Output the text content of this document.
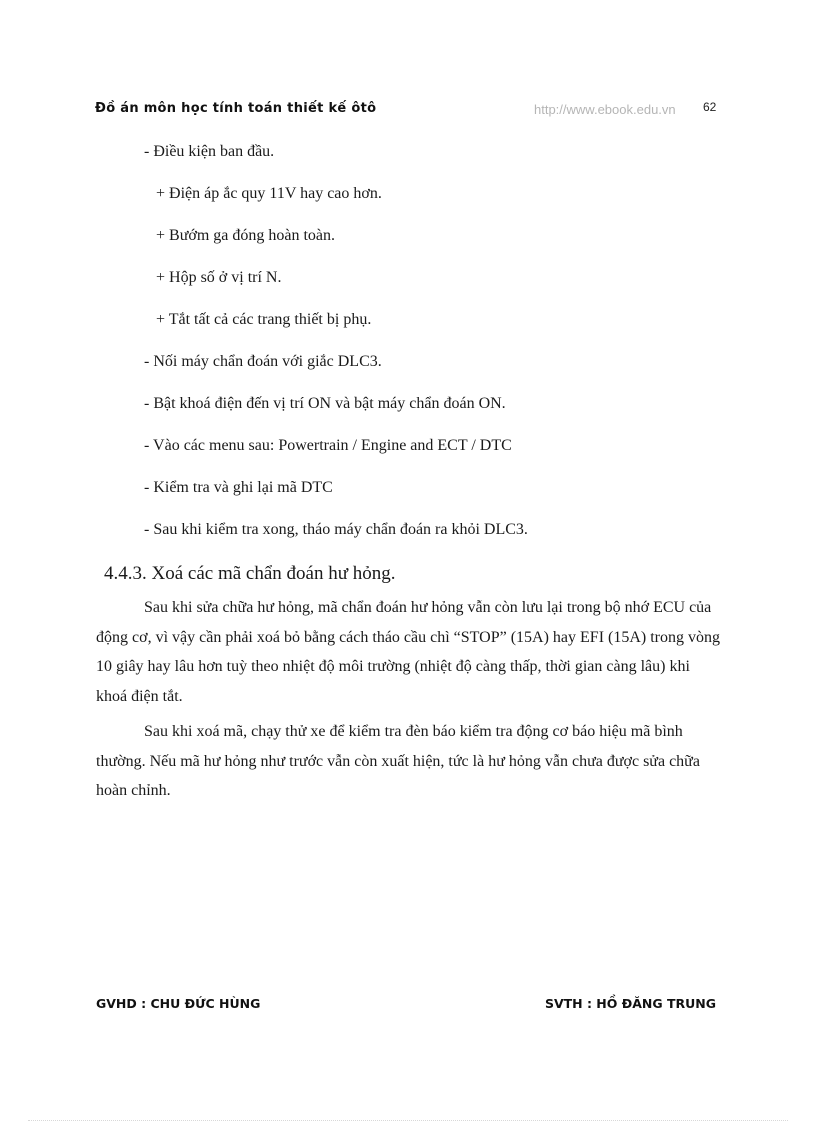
Đồ án môn học tính toán thiết kế ôtô	http://www.ebook.edu.vn 62
- Điều kiện ban đầu.
+ Điện áp ắc quy 11V hay cao hơn.
+ Bướm ga đóng hoàn toàn.
+ Hộp số ở vị trí N.
+ Tắt tất cả các trang thiết bị phụ.
- Nối máy chẩn đoán với giắc DLC3.
- Bật khoá điện đến vị trí ON và bật máy chẩn đoán ON.
- Vào các menu sau: Powertrain / Engine and ECT / DTC
- Kiểm tra và ghi lại mã DTC
- Sau khi kiểm tra xong, tháo máy chẩn đoán ra khỏi DLC3.
4.4.3. Xoá các mã chẩn đoán hư hỏng.

Sau khi sửa chữa hư hỏng, mã chẩn đoán hư hỏng vẫn còn lưu lại trong bộ nhớ ECU của động cơ, vì vậy cần phải xoá bỏ bằng cách tháo cầu chì “STOP” (15A) hay EFI (15A) trong vòng 10 giây hay lâu hơn tuỳ theo nhiệt độ môi trường (nhiệt độ càng thấp, thời gian càng lâu) khi khoá điện tắt.

Sau khi xoá mã, chạy thử xe để kiểm tra đèn báo kiểm tra động cơ báo hiệu mã bình thường. Nếu mã hư hỏng như trước vẫn còn xuất hiện, tức là hư hỏng vẫn chưa được sửa chữa hoàn chỉnh.

GVHD : CHU ĐỨC HÙNG	SVTH : HỒ ĐĂNG TRUNG
